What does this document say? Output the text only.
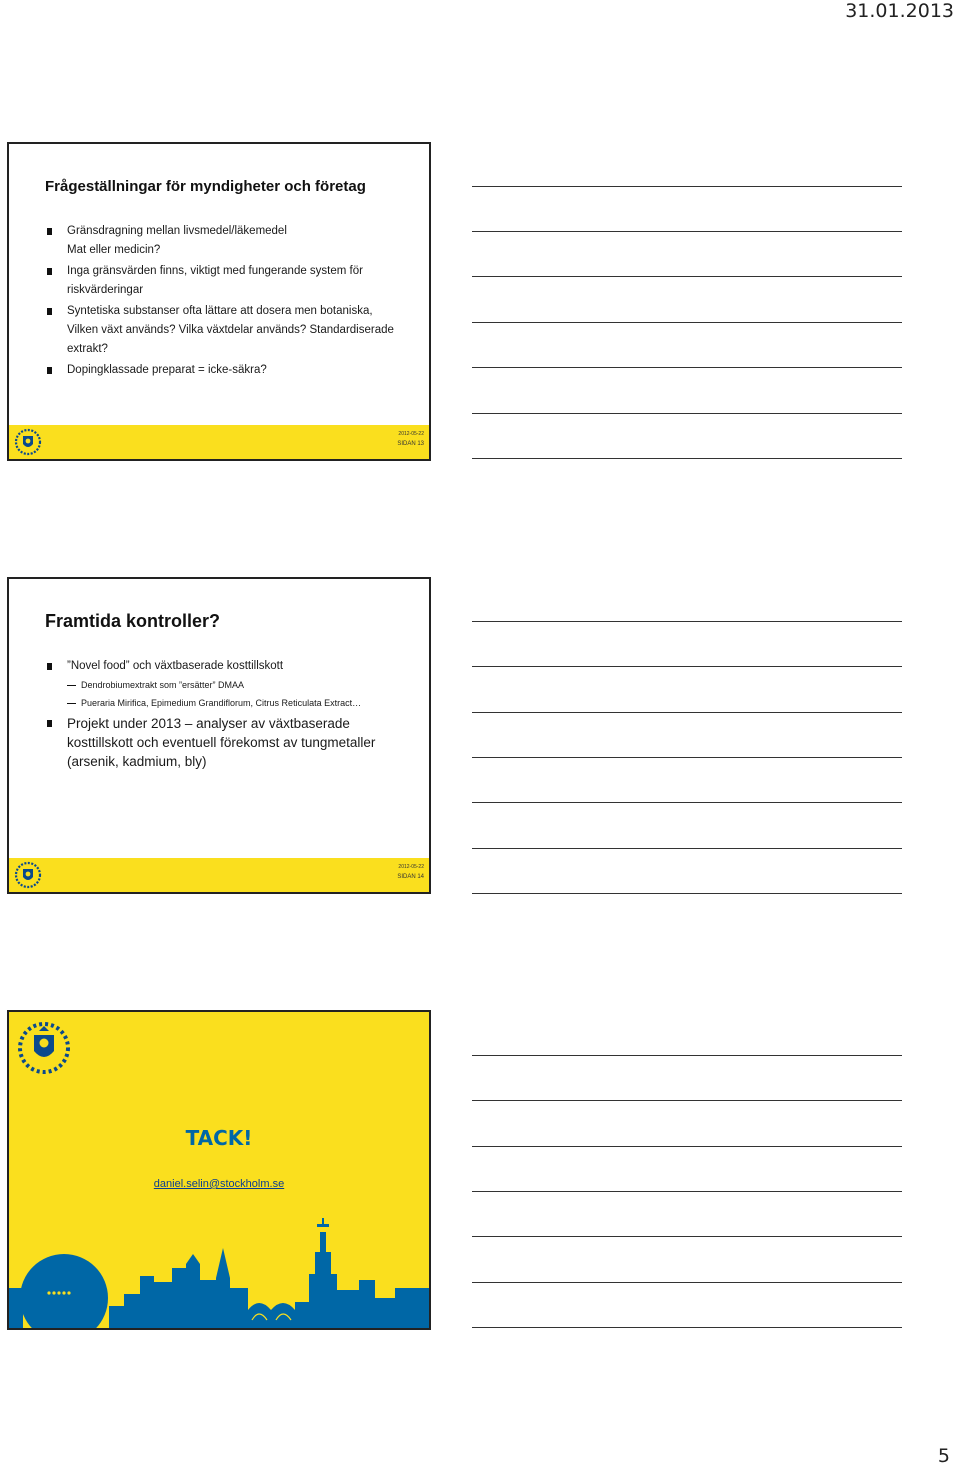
31.01.2013
Frågeställningar för myndigheter och företag
Gränsdragning mellan livsmedel/läkemedel
Mat eller medicin?
Inga gränsvärden finns, viktigt med fungerande system för riskvärderingar
Syntetiska substanser ofta lättare att dosera men botaniska, Vilken växt används? Vilka växtdelar används? Standardiserade extrakt?
Dopingklassade preparat = icke-säkra?
2012-05-22
SIDAN 13
Framtida kontroller?
”Novel food” och växtbaserade kosttillskott
Dendrobiumextrakt som ”ersätter” DMAA
Pueraria Mirifica, Epimedium Grandiflorum, Citrus Reticulata Extract…
Projekt under 2013 – analyser av växtbaserade kosttillskott och eventuell förekomst av tungmetaller (arsenik, kadmium, bly)
2012-05-22
SIDAN 14
TACK!
daniel.selin@stockholm.se
5
